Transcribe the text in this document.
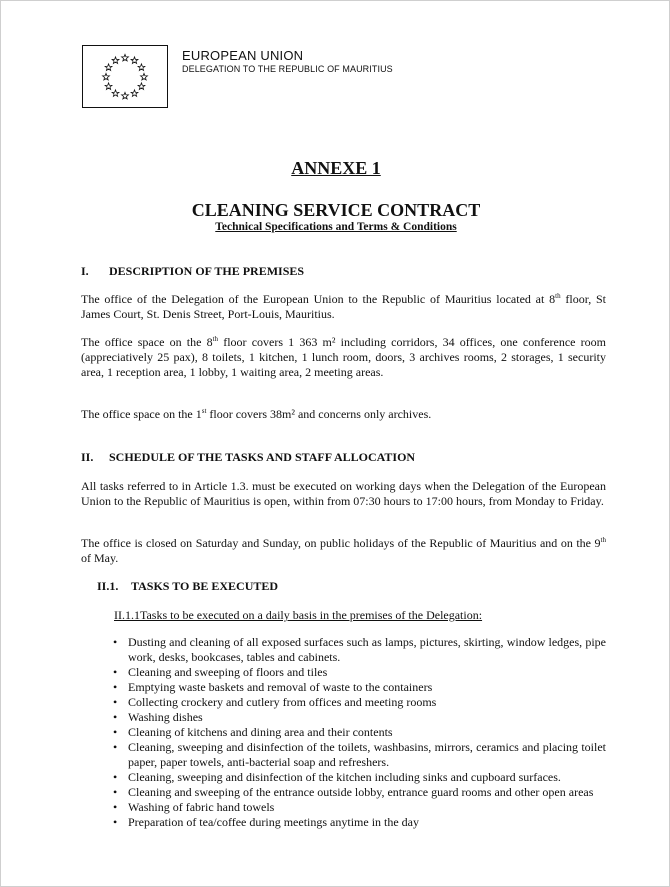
EUROPEAN UNION
DELEGATION TO THE REPUBLIC OF MAURITIUS
ANNEXE 1
CLEANING SERVICE CONTRACT
Technical Specifications and Terms & Conditions
I. DESCRIPTION OF THE PREMISES
The office of the Delegation of the European Union to the Republic of Mauritius located at 8th floor, St James Court, St. Denis Street, Port-Louis, Mauritius.
The office space on the 8th floor covers 1 363 m² including corridors, 34 offices, one conference room (appreciatively 25 pax), 8 toilets, 1 kitchen, 1 lunch room, doors, 3 archives rooms, 2 storages, 1 security area, 1 reception area, 1 lobby, 1 waiting area, 2 meeting areas.
The office space on the 1st floor covers 38m² and concerns only archives.
II. SCHEDULE OF THE TASKS AND STAFF ALLOCATION
All tasks referred to in Article 1.3. must be executed on working days when the Delegation of the European Union to the Republic of Mauritius is open, within from 07:30 hours to 17:00 hours, from Monday to Friday.
The office is closed on Saturday and Sunday, on public holidays of the Republic of Mauritius and on the 9th of May.
II.1. TASKS TO BE EXECUTED
II.1.1Tasks to be executed on a daily basis in the premises of the Delegation:
• Dusting and cleaning of all exposed surfaces such as lamps, pictures, skirting, window ledges, pipe work, desks, bookcases, tables and cabinets.
• Cleaning and sweeping of floors and tiles
• Emptying waste baskets and removal of waste to the containers
• Collecting crockery and cutlery from offices and meeting rooms
• Washing dishes
• Cleaning of kitchens and dining area and their contents
• Cleaning, sweeping and disinfection of the toilets, washbasins, mirrors, ceramics and placing toilet paper, paper towels, anti-bacterial soap and refreshers.
• Cleaning, sweeping and disinfection of the kitchen including sinks and cupboard surfaces.
• Cleaning and sweeping of the entrance outside lobby, entrance guard rooms and other open areas
• Washing of fabric hand towels
• Preparation of tea/coffee during meetings anytime in the day
